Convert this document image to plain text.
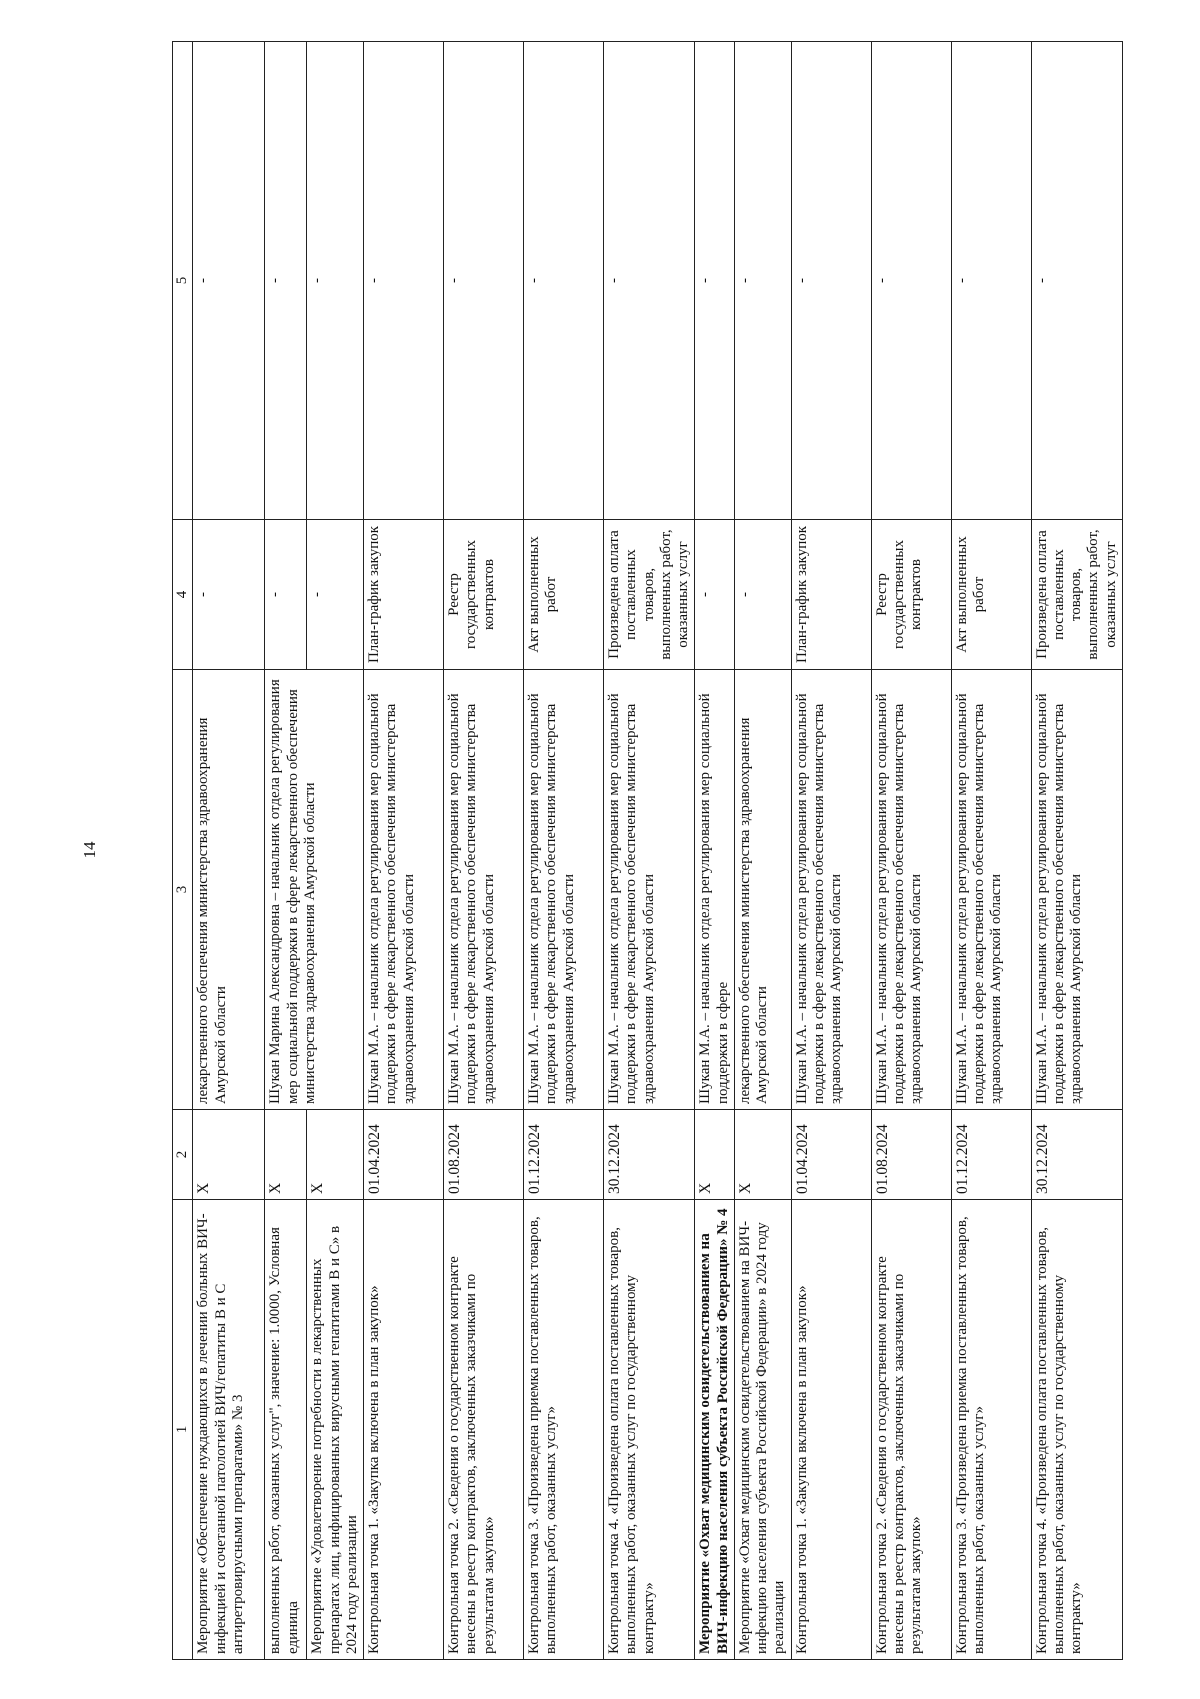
14
1	2	3	4	5
Мероприятие «Обеспечение нуждающихся в лечении больных ВИЧ-инфекцией и сочетанной патологией ВИЧ/гепатиты В и С антиретровирусными препаратами» № 3	X	лекарственного обеспечения министерства здравоохранения Амурской области	-	-
выполненных работ, оказанных услуг", значение: 1.0000, Условная единица	X	Шукан Марина Александровна – начальник отдела регулирования мер социальной поддержки в сфере лекарственного обеспечения министерства здравоохранения Амурской области	-	-
Мероприятие «Удовлетворение потребности в лекарственных препаратах лиц, инфицированных вирусными гепатитами В и С» в 2024 году реализации	X		-	-
Контрольная точка 1. «Закупка включена в план закупок»	01.04.2024	Шукан М.А. – начальник отдела регулирования мер социальной поддержки в сфере лекарственного обеспечения министерства здравоохранения Амурской области	План-график закупок	-
Контрольная точка 2. «Сведения о государственном контракте внесены в реестр контрактов, заключенных заказчиками по результатам закупок»	01.08.2024	Шукан М.А. – начальник отдела регулирования мер социальной поддержки в сфере лекарственного обеспечения министерства здравоохранения Амурской области	Реестр государственных контрактов	-
Контрольная точка 3. «Произведена приемка поставленных товаров, выполненных работ, оказанных услуг»	01.12.2024	Шукан М.А. – начальник отдела регулирования мер социальной поддержки в сфере лекарственного обеспечения министерства здравоохранения Амурской области	Акт выполненных работ	-
Контрольная точка 4. «Произведена оплата поставленных товаров, выполненных работ, оказанных услуг по государственному контракту»	30.12.2024	Шукан М.А. – начальник отдела регулирования мер социальной поддержки в сфере лекарственного обеспечения министерства здравоохранения Амурской области	Произведена оплата поставленных товаров, выполненных работ, оказанных услуг	-
Мероприятие «Охват медицинским освидетельствованием на ВИЧ-инфекцию населения субъекта Российской Федерации» № 4	X	Шукан М.А. – начальник отдела регулирования мер социальной поддержки в сфере	-	-
Мероприятие «Охват медицинским освидетельствованием на ВИЧ-инфекцию населения субъекта Российской Федерации» в 2024 году реализации	X	лекарственного обеспечения министерства здравоохранения Амурской области	-	-
Контрольная точка 1. «Закупка включена в план закупок»	01.04.2024	Шукан М.А. – начальник отдела регулирования мер социальной поддержки в сфере лекарственного обеспечения министерства здравоохранения Амурской области	План-график закупок	-
Контрольная точка 2. «Сведения о государственном контракте внесены в реестр контрактов, заключенных заказчиками по результатам закупок»	01.08.2024	Шукан М.А. – начальник отдела регулирования мер социальной поддержки в сфере лекарственного обеспечения министерства здравоохранения Амурской области	Реестр государственных контрактов	-
Контрольная точка 3. «Произведена приемка поставленных товаров, выполненных работ, оказанных услуг»	01.12.2024	Шукан М.А. – начальник отдела регулирования мер социальной поддержки в сфере лекарственного обеспечения министерства здравоохранения Амурской области	Акт выполненных работ	-
Контрольная точка 4. «Произведена оплата поставленных товаров, выполненных работ, оказанных услуг по государственному контракту»	30.12.2024	Шукан М.А. – начальник отдела регулирования мер социальной поддержки в сфере лекарственного обеспечения министерства здравоохранения Амурской области	Произведена оплата поставленных товаров, выполненных работ, оказанных услуг	-
